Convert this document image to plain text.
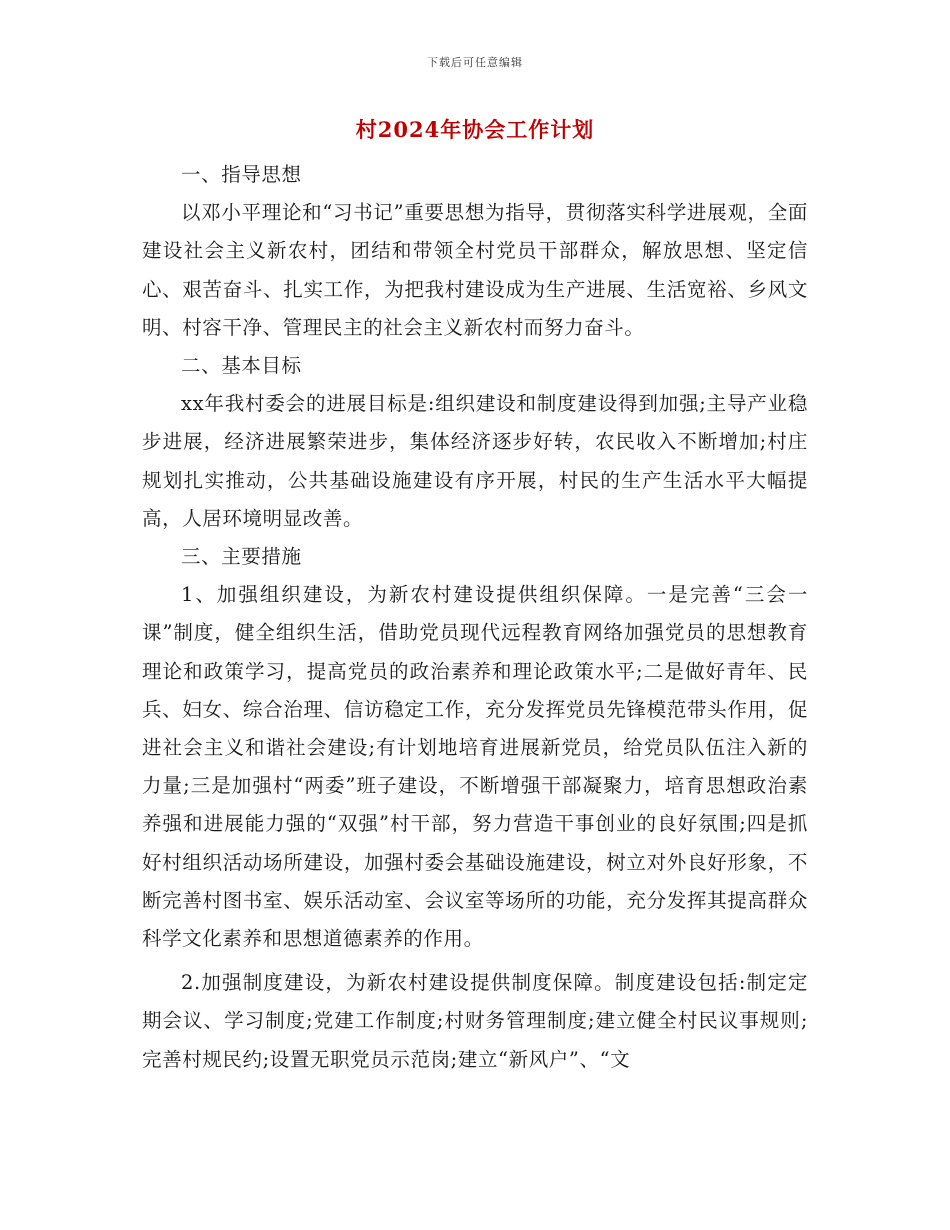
下载后可任意编辑
村2024年协会工作计划

一、指导思想

以邓小平理论和“习书记”重要思想为指导，贯彻落实科学进展观，全面建设社会主义新农村，团结和带领全村党员干部群众，解放思想、坚定信心、艰苦奋斗、扎实工作，为把我村建设成为生产进展、生活宽裕、乡风文明、村容干净、管理民主的社会主义新农村而努力奋斗。

二、基本目标

xx年我村委会的进展目标是:组织建设和制度建设得到加强;主导产业稳步进展，经济进展繁荣进步，集体经济逐步好转，农民收入不断增加;村庄规划扎实推动，公共基础设施建设有序开展，村民的生产生活水平大幅提高，人居环境明显改善。

三、主要措施

1、加强组织建设，为新农村建设提供组织保障。一是完善“三会一课”制度，健全组织生活，借助党员现代远程教育网络加强党员的思想教育理论和政策学习，提高党员的政治素养和理论政策水平;二是做好青年、民兵、妇女、综合治理、信访稳定工作，充分发挥党员先锋模范带头作用，促进社会主义和谐社会建设;有计划地培育进展新党员，给党员队伍注入新的力量;三是加强村“两委”班子建设，不断增强干部凝聚力，培育思想政治素养强和进展能力强的“双强”村干部，努力营造干事创业的良好氛围;四是抓好村组织活动场所建设，加强村委会基础设施建设，树立对外良好形象，不断完善村图书室、娱乐活动室、会议室等场所的功能，充分发挥其提高群众科学文化素养和思想道德素养的作用。

2.加强制度建设，为新农村建设提供制度保障。制度建设包括:制定定期会议、学习制度;党建工作制度;村财务管理制度;建立健全村民议事规则;完善村规民约;设置无职党员示范岗;建立“新风户”、“文
